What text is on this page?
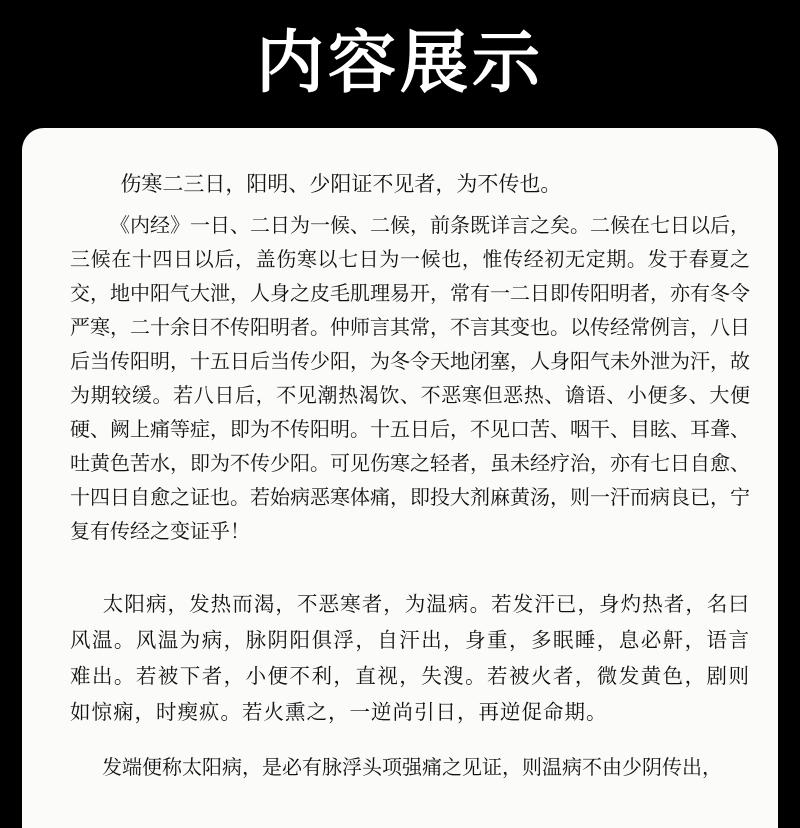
内容展示

伤寒二三日，阳明、少阳证不见者，为不传也。

《内经》一日、二日为一候、二候，前条既详言之矣。二候在七日以后，三候在十四日以后，盖伤寒以七日为一候也，惟传经初无定期。发于春夏之交，地中阳气大泄，人身之皮毛肌理易开，常有一二日即传阳明者，亦有冬令严寒，二十余日不传阳明者。仲师言其常，不言其变也。以传经常例言，八日后当传阳明，十五日后当传少阳，为冬令天地闭塞，人身阳气未外泄为汗，故为期较缓。若八日后，不见潮热渴饮、不恶寒但恶热、谵语、小便多、大便硬、阙上痛等症，即为不传阳明。十五日后，不见口苦、咽干、目眩、耳聋、吐黄色苦水，即为不传少阳。可见伤寒之轻者，虽未经疗治，亦有七日自愈、十四日自愈之证也。若始病恶寒体痛，即投大剂麻黄汤，则一汗而病良已，宁复有传经之变证乎！

太阳病，发热而渴，不恶寒者，为温病。若发汗已，身灼热者，名曰风温。风温为病，脉阴阳俱浮，自汗出，身重，多眠睡，息必鼾，语言难出。若被下者，小便不利，直视，失溲。若被火者，微发黄色，剧则如惊痫，时瘈疭。若火熏之，一逆尚引日，再逆促命期。

发端便称太阳病，是必有脉浮头项强痛之见证，则温病不由少阴传出，
